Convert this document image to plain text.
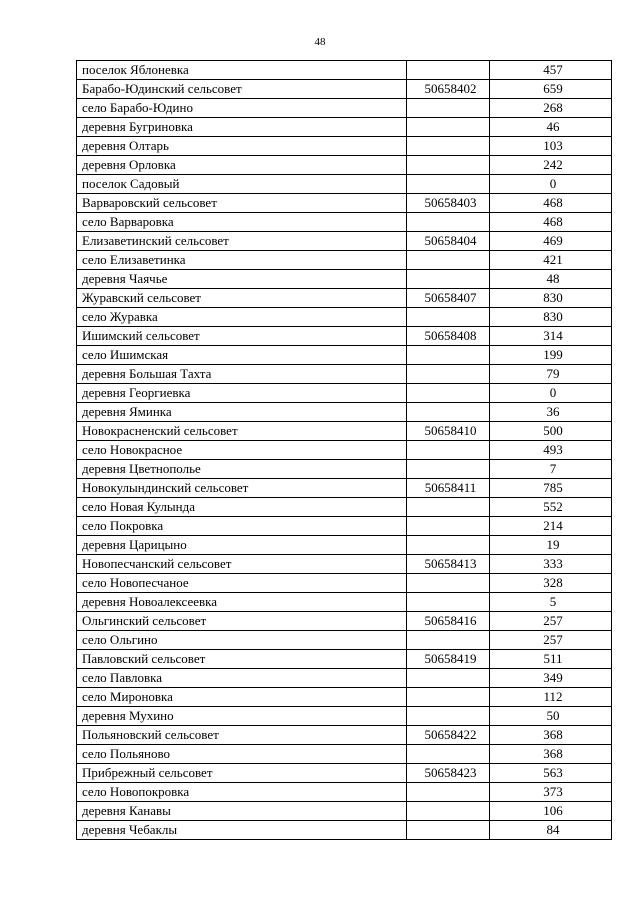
48
поселок Яблоневка		457
Барабо-Юдинский сельсовет	50658402	659
село Барабо-Юдино		268
деревня Бугриновка		46
деревня Олтарь		103
деревня Орловка		242
поселок Садовый		0
Варваровский сельсовет	50658403	468
село Варваровка		468
Елизаветинский сельсовет	50658404	469
село Елизаветинка		421
деревня Чаячье		48
Журавский сельсовет	50658407	830
село Журавка		830
Ишимский сельсовет	50658408	314
село Ишимская		199
деревня Большая Тахта		79
деревня Георгиевка		0
деревня Яминка		36
Новокрасненский сельсовет	50658410	500
село Новокрасное		493
деревня Цветнополье		7
Новокулындинский сельсовет	50658411	785
село Новая Кулында		552
село Покровка		214
деревня Царицыно		19
Новопесчанский сельсовет	50658413	333
село Новопесчаное		328
деревня Новоалексеевка		5
Ольгинский сельсовет	50658416	257
село Ольгино		257
Павловский сельсовет	50658419	511
село Павловка		349
село Мироновка		112
деревня Мухино		50
Польяновский сельсовет	50658422	368
село Польяново		368
Прибрежный сельсовет	50658423	563
село Новопокровка		373
деревня Канавы		106
деревня Чебаклы		84
